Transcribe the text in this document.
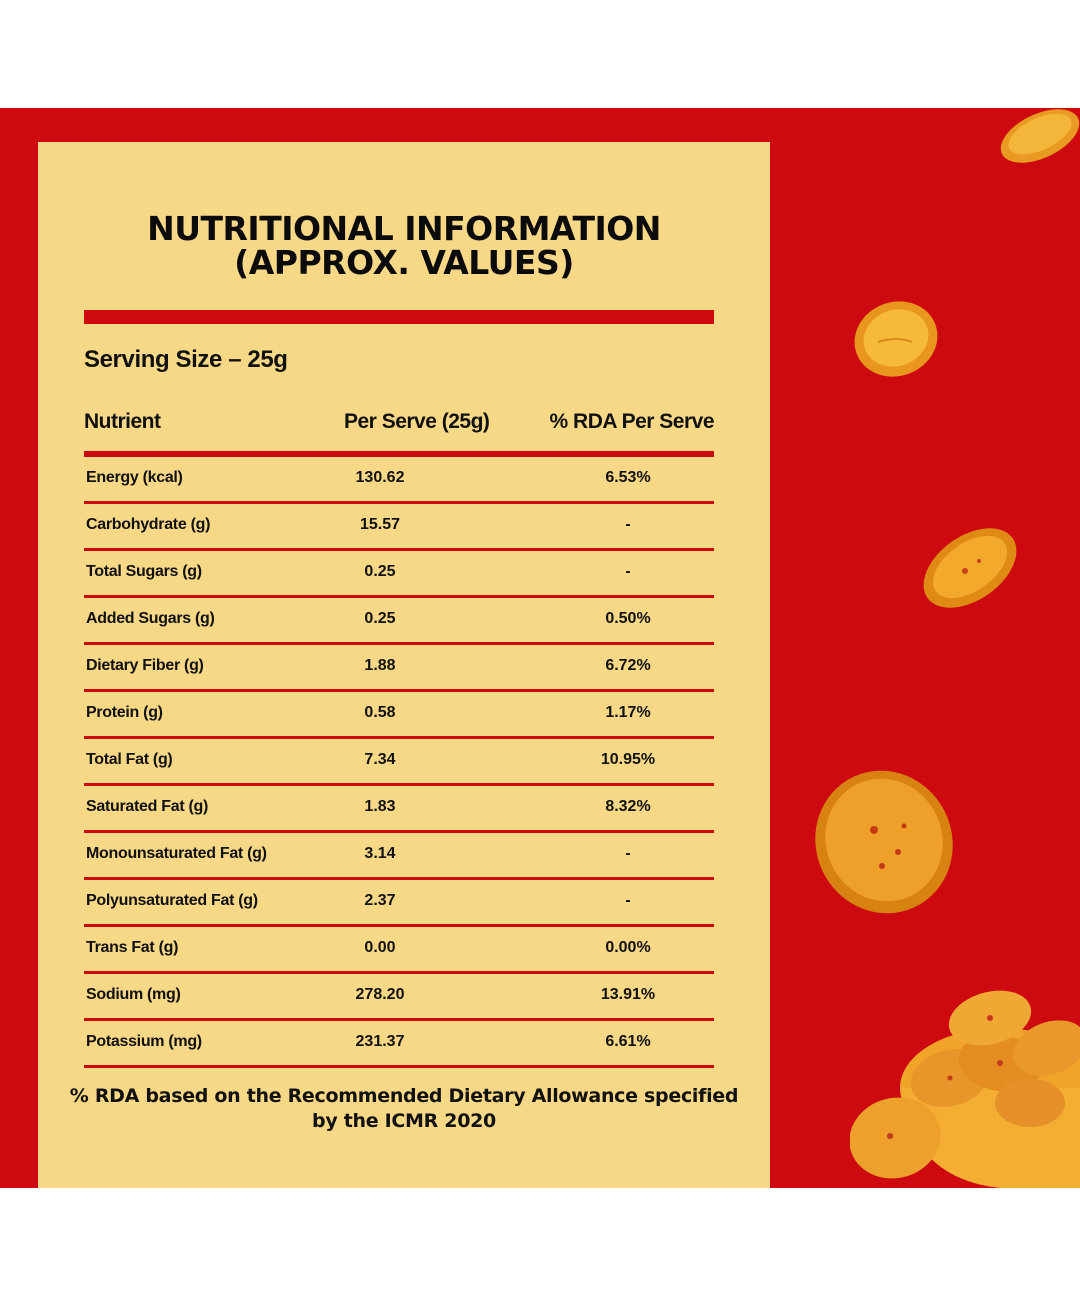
NUTRITIONAL INFORMATION
(APPROX. VALUES)
Serving Size – 25g
Nutrient	Per Serve (25g)	% RDA Per Serve
Energy (kcal)	130.62	6.53%
Carbohydrate (g)	15.57	-
Total Sugars (g)	0.25	-
Added Sugars (g)	0.25	0.50%
Dietary Fiber (g)	1.88	6.72%
Protein (g)	0.58	1.17%
Total Fat (g)	7.34	10.95%
Saturated Fat (g)	1.83	8.32%
Monounsaturated Fat (g)	3.14	-
Polyunsaturated Fat (g)	2.37	-
Trans Fat (g)	0.00	0.00%
Sodium (mg)	278.20	13.91%
Potassium (mg)	231.37	6.61%
% RDA based on the Recommended Dietary Allowance specified
by the ICMR 2020
